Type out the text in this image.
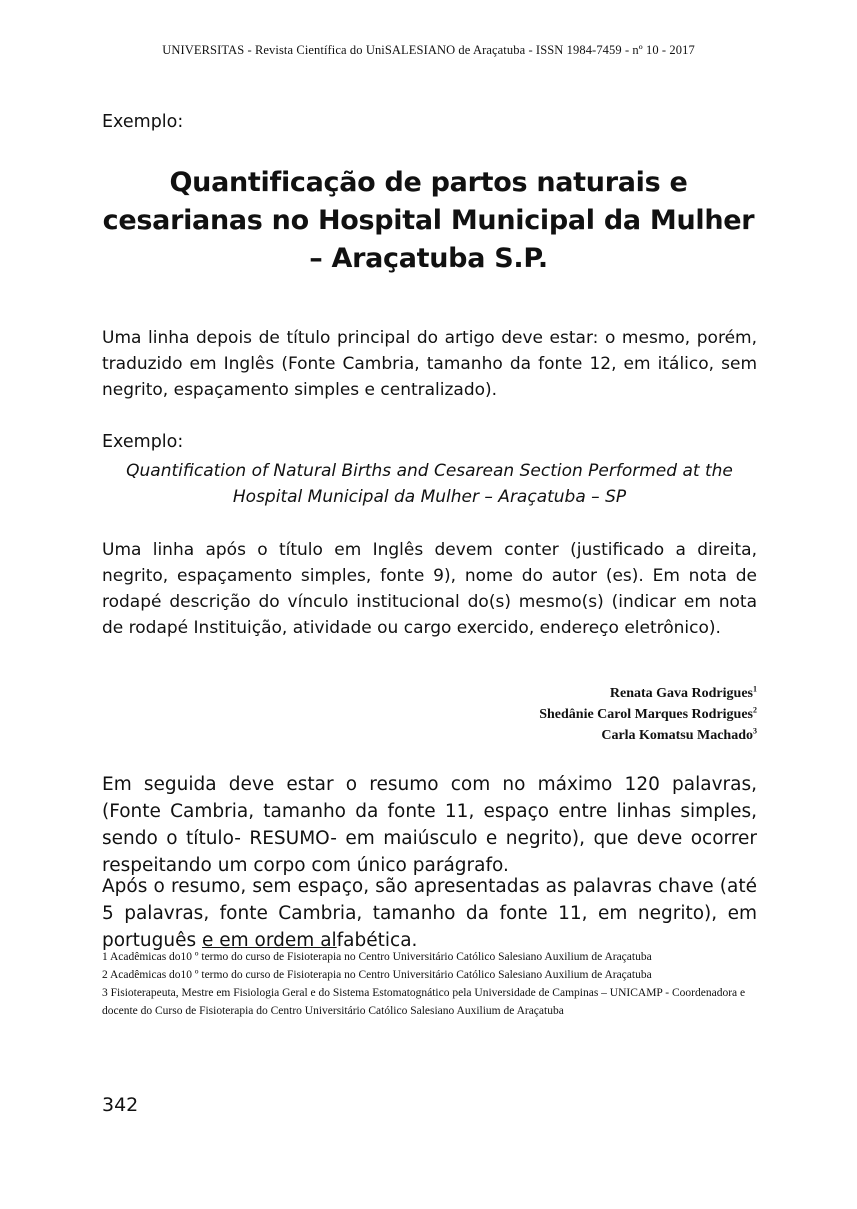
UNIVERSITAS - Revista Científica do UniSALESIANO de Araçatuba - ISSN 1984-7459 - nº 10 - 2017
Exemplo:
Quantificação de partos naturais e cesarianas no Hospital Municipal da Mulher – Araçatuba S.P.
Uma linha depois de título principal do artigo deve estar: o mesmo, porém, traduzido em Inglês (Fonte Cambria, tamanho da fonte 12, em itálico, sem negrito, espaçamento simples e centralizado).
Exemplo:
Quantification of Natural Births and Cesarean Section Performed at the Hospital Municipal da Mulher – Araçatuba – SP
Uma linha após o título em Inglês devem conter (justificado a direita, negrito, espaçamento simples, fonte 9), nome do autor (es). Em nota de rodapé descrição do vínculo institucional do(s) mesmo(s) (indicar em nota de rodapé Instituição, atividade ou cargo exercido, endereço eletrônico).
Renata Gava Rodrigues$^1$
Shedânie Carol Marques Rodrigues$^2$
Carla Komatsu Machado$^3$
Em seguida deve estar o resumo com no máximo 120 palavras, (Fonte Cambria, tamanho da fonte 11, espaço entre linhas simples, sendo o título- RESUMO- em maiúsculo e negrito), que deve ocorrer respeitando um corpo com único parágrafo.
Após o resumo, sem espaço, são apresentadas as palavras chave (até 5 palavras, fonte Cambria, tamanho da fonte 11, em negrito), em português e em ordem alfabética.

1 Acadêmicas do10 º termo do curso de Fisioterapia no Centro Universitário Católico Salesiano Auxilium de Araçatuba

2 Acadêmicas do10 º termo do curso de Fisioterapia no Centro Universitário Católico Salesiano Auxilium de Araçatuba

3 Fisioterapeuta, Mestre em Fisiologia Geral e do Sistema Estomatognático pela Universidade de Campinas – UNICAMP - Coordenadora e docente do Curso de Fisioterapia do Centro Universitário Católico Salesiano Auxilium de Araçatuba

342
